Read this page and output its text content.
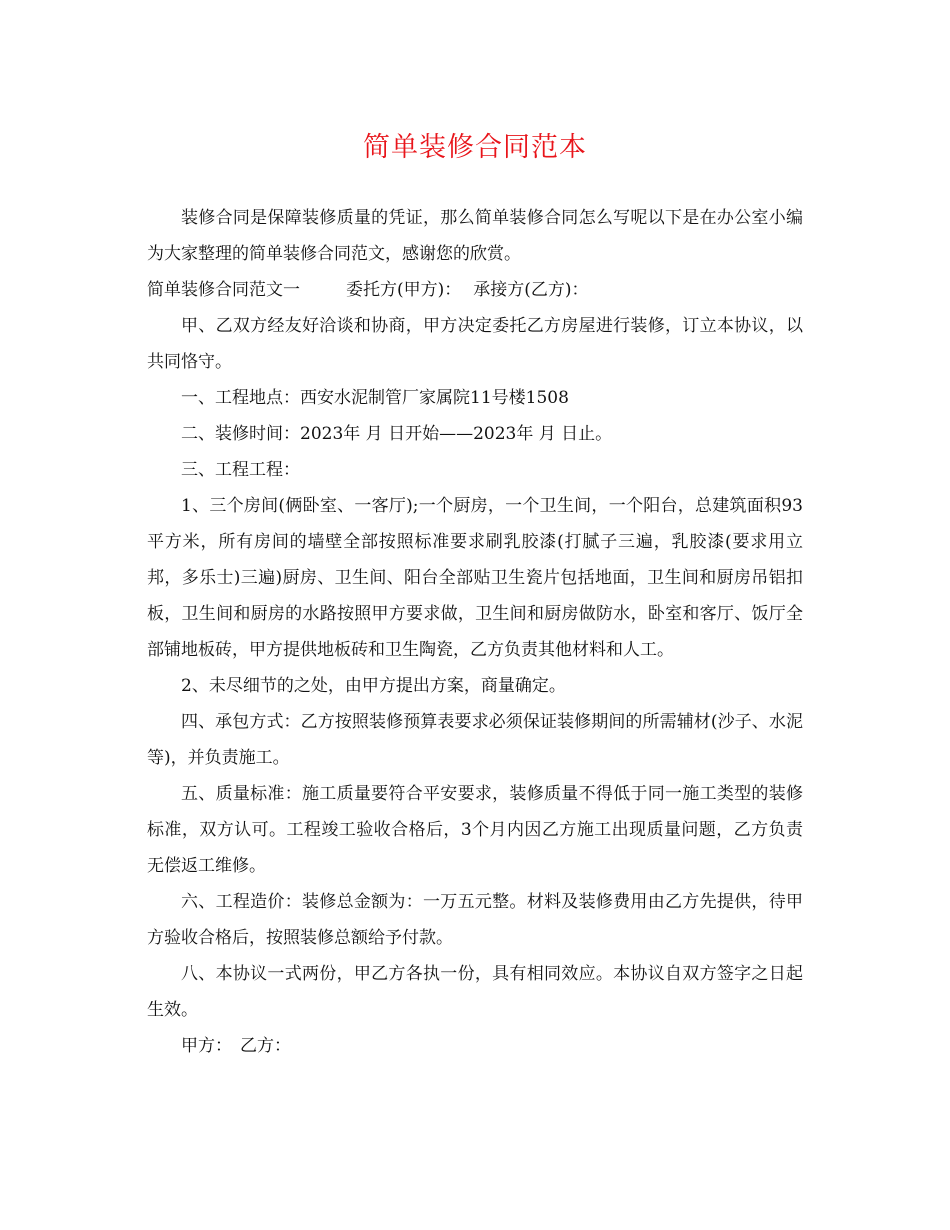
简单装修合同范本

装修合同是保障装修质量的凭证，那么简单装修合同怎么写呢以下是在办公室小编为大家整理的简单装修合同范文，感谢您的欣赏。

简单装修合同范文一	委托方(甲方)： 承接方(乙方)：

甲、乙双方经友好洽谈和协商，甲方决定委托乙方房屋进行装修，订立本协议，以共同恪守。

一、工程地点：西安水泥制管厂家属院11号楼1508

二、装修时间：2023年 月 日开始——2023年 月 日止。

三、工程工程：

1、三个房间(俩卧室、一客厅);一个厨房，一个卫生间，一个阳台，总建筑面积93平方米，所有房间的墙壁全部按照标准要求刷乳胶漆(打腻子三遍，乳胶漆(要求用立邦，多乐士)三遍)厨房、卫生间、阳台全部贴卫生瓷片包括地面，卫生间和厨房吊铝扣板，卫生间和厨房的水路按照甲方要求做，卫生间和厨房做防水，卧室和客厅、饭厅全部铺地板砖，甲方提供地板砖和卫生陶瓷，乙方负责其他材料和人工。

2、未尽细节的之处，由甲方提出方案，商量确定。

四、承包方式：乙方按照装修预算表要求必须保证装修期间的所需辅材(沙子、水泥等)，并负责施工。

五、质量标准：施工质量要符合平安要求，装修质量不得低于同一施工类型的装修标准，双方认可。工程竣工验收合格后，3个月内因乙方施工出现质量问题，乙方负责无偿返工维修。

六、工程造价：装修总金额为：一万五元整。材料及装修费用由乙方先提供，待甲方验收合格后，按照装修总额给予付款。

八、本协议一式两份，甲乙方各执一份，具有相同效应。本协议自双方签字之日起生效。

甲方： 乙方：
